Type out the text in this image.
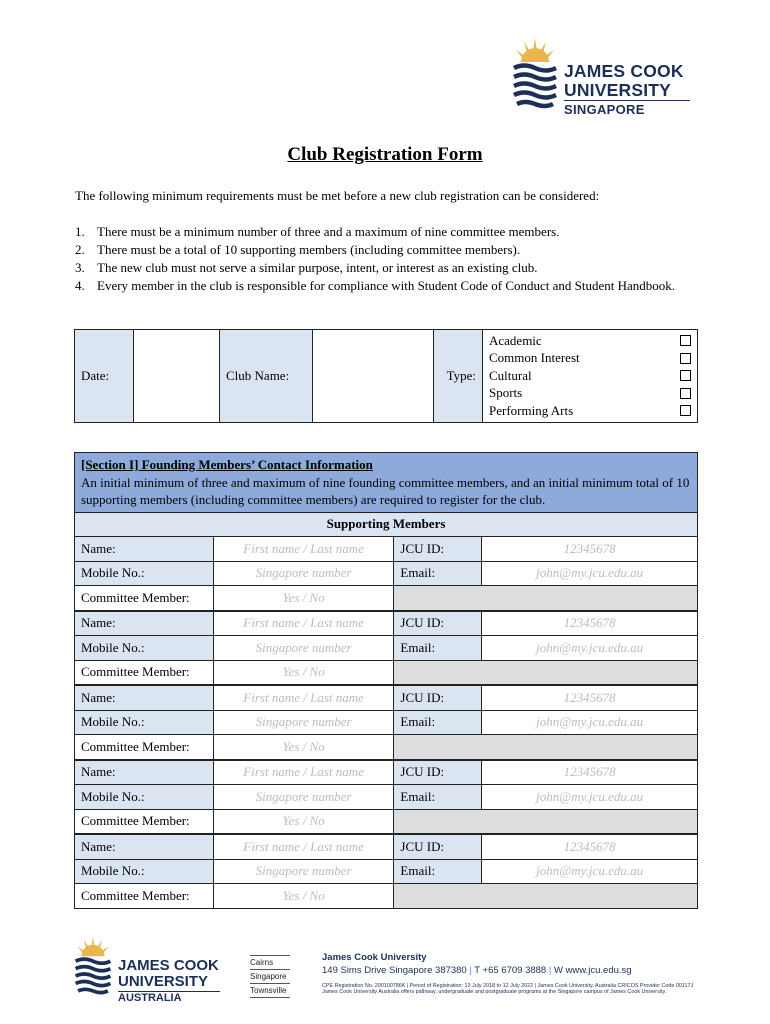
JAMES COOK
UNIVERSITY
SINGAPORE
Club Registration Form
The following minimum requirements must be met before a new club registration can be considered:
1. There must be a minimum number of three and a maximum of nine committee members.
2. There must be a total of 10 supporting members (including committee members).
3. The new club must not serve a similar purpose, intent, or interest as an existing club.
4. Every member in the club is responsible for compliance with Student Code of Conduct and Student Handbook.
Date:		Club Name:		Type:	
Academic
Common Interest
Cultural
Sports
Performing Arts
[Section I] Founding Members’ Contact Information
An initial minimum of three and maximum of nine founding committee members, and an initial minimum total of 10 supporting members (including committee members) are required to register for the club.			

Supporting Members			
Name:	First name / Last name	JCU ID:	12345678
Mobile No.:	Singapore number	Email:	john@my.jcu.edu.au
Committee Member:	Yes / No		
Name:	First name / Last name	JCU ID:	12345678
Mobile No.:	Singapore number	Email:	john@my.jcu.edu.au
Committee Member:	Yes / No		
Name:	First name / Last name	JCU ID:	12345678
Mobile No.:	Singapore number	Email:	john@my.jcu.edu.au
Committee Member:	Yes / No		
Name:	First name / Last name	JCU ID:	12345678
Mobile No.:	Singapore number	Email:	john@my.jcu.edu.au
Committee Member:	Yes / No		
Name:	First name / Last name	JCU ID:	12345678
Mobile No.:	Singapore number	Email:	john@my.jcu.edu.au
Committee Member:	Yes / No		
JAMES COOK
UNIVERSITY
AUSTRALIA
Cairns
Singapore
Townsville
James Cook University
149 Sims Drive Singapore 387380 | T +65 6709 3888 | W www.jcu.edu.sg
CPE Registration No. 200100786K | Period of Registration: 13 July 2018 to 12 July 2022 | James Cook University, Australia CRICOS Provider Code 00117J
James Cook University Australia offers pathway, undergraduate and postgraduate programs at the Singapore campus of James Cook University.
